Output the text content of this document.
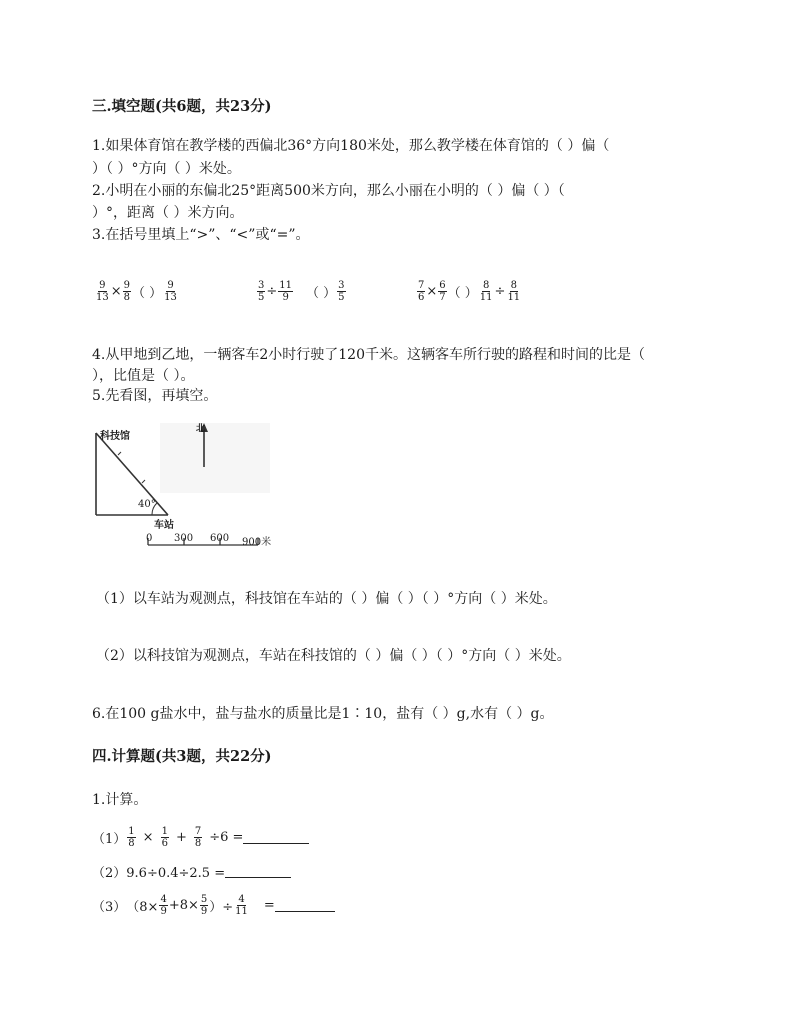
三.填空题(共6题，共23分)
1.如果体育馆在教学楼的西偏北36°方向180米处，那么教学楼在体育馆的（ ）偏（
）（ ）°方向（ ）米处。
2.小明在小丽的东偏北25°距离500米方向，那么小丽在小明的（ ）偏（ ）（
）°，距离（ ）米方向。
3.在括号里填上“>”、“<”或“=”。
$\frac{9}{13} \times \frac{9}{8}$ （ ） $\frac{9}{13}$	$\frac{3}{5} \div \frac{11}{9}$ （ ） $\frac{3}{5}$	$\frac{7}{6} \times \frac{6}{7}$ （ ） $\frac{8}{11} \div \frac{8}{11}$
4.从甲地到乙地，一辆客车2小时行驶了120千米。这辆客车所行驶的路程和时间的比是（
），比值是（ ）。
5.先看图，再填空。
科技馆
北
40°
车站
0 300 600 900米
（1）以车站为观测点，科技馆在车站的（ ）偏（ ）（ ）°方向（ ）米处。
（2）以科技馆为观测点，车站在科技馆的（ ）偏（ ）（ ）°方向（ ）米处。
6.在100 g盐水中，盐与盐水的质量比是1∶10，盐有（ ）g,水有（ ）g。
四.计算题(共3题，共22分)
1.计算。
$(1) \frac{1}{8} \times \frac{1}{6} + \frac{7}{8} \div 6$ =
（2）9.6÷0.4÷2.5 =
（3） （$8\times \frac{4}{9} +8\times \frac{5}{9}$ ）÷ $\frac{4}{11}$ =
